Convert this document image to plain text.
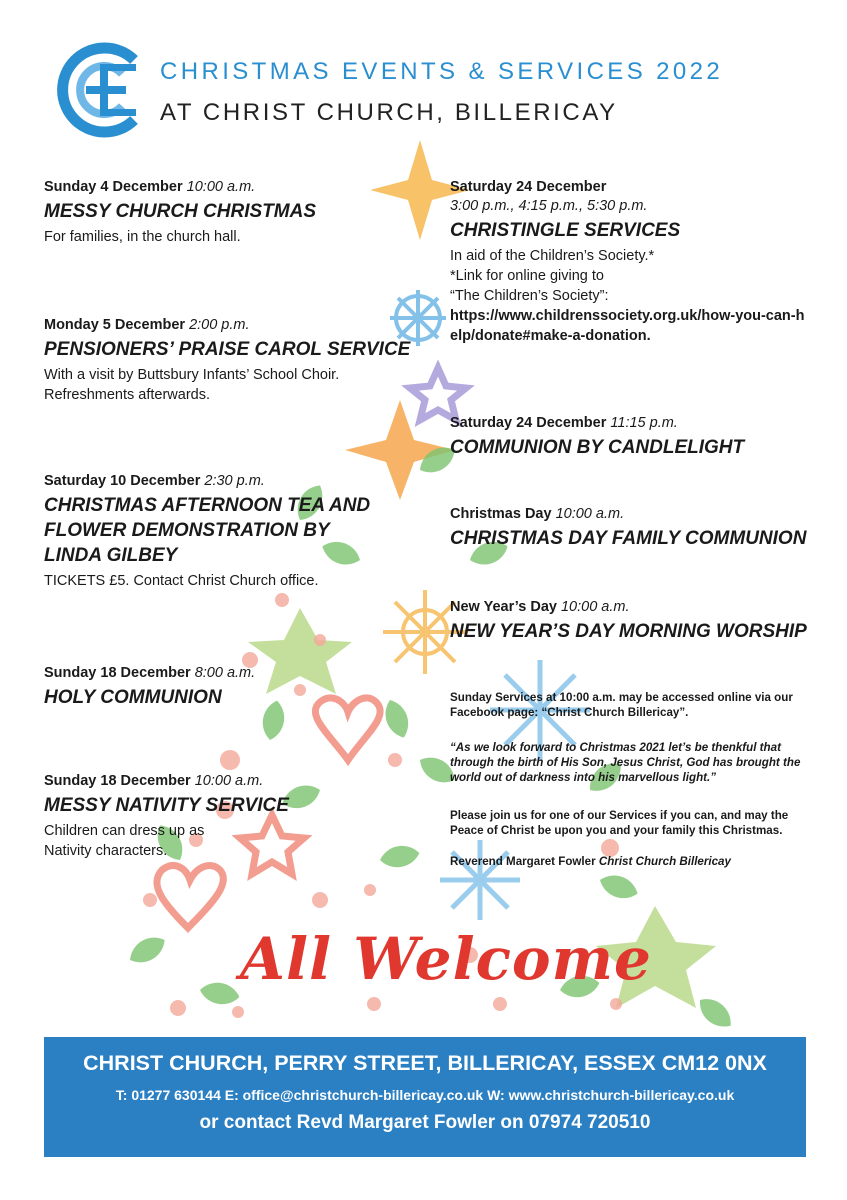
CHRISTMAS EVENTS & SERVICES 2022
AT CHRIST CHURCH, BILLERICAY
Sunday 4 December 10:00 a.m.
MESSY CHURCH CHRISTMAS
For families, in the church hall.
Monday 5 December 2:00 p.m.
PENSIONERS’ PRAISE CAROL SERVICE
With a visit by Buttsbury Infants’ School Choir.
Refreshments afterwards.
Saturday 10 December 2:30 p.m.
CHRISTMAS AFTERNOON TEA AND FLOWER DEMONSTRATION BY LINDA GILBEY
TICKETS £5. Contact Christ Church office.
Sunday 18 December 8:00 a.m.
HOLY COMMUNION
Sunday 18 December 10:00 a.m.
MESSY NATIVITY SERVICE
Children can dress up as
Nativity characters.
Saturday 24 December
3:00 p.m., 4:15 p.m., 5:30 p.m.
CHRISTINGLE SERVICES
In aid of the Children’s Society.*
*Link for online giving to
“The Children’s Society”:
https://www.childrenssociety.org.uk/how-you-can-help/donate#make-a-donation.
Saturday 24 December 11:15 p.m.
COMMUNION BY CANDLELIGHT
Christmas Day 10:00 a.m.
CHRISTMAS DAY FAMILY COMMUNION
New Year’s Day 10:00 a.m.
NEW YEAR’S DAY MORNING WORSHIP
Sunday Services at 10:00 a.m. may be accessed online via our Facebook page: “Christ Church Billericay”.
“As we look forward to Christmas 2021 let’s be thenkful that through the birth of His Son, Jesus Christ, God has brought the world out of darkness into his marvellous light.”
Please join us for one of our Services if you can, and may the Peace of Christ be upon you and your family this Christmas.
Reverend Margaret Fowler Christ Church Billericay
All Welcome
CHRIST CHURCH, PERRY STREET, BILLERICAY, ESSEX CM12 0NX
T: 01277 630144 E: office@christchurch-billericay.co.uk W: www.christchurch-billericay.co.uk
or contact Revd Margaret Fowler on 07974 720510
